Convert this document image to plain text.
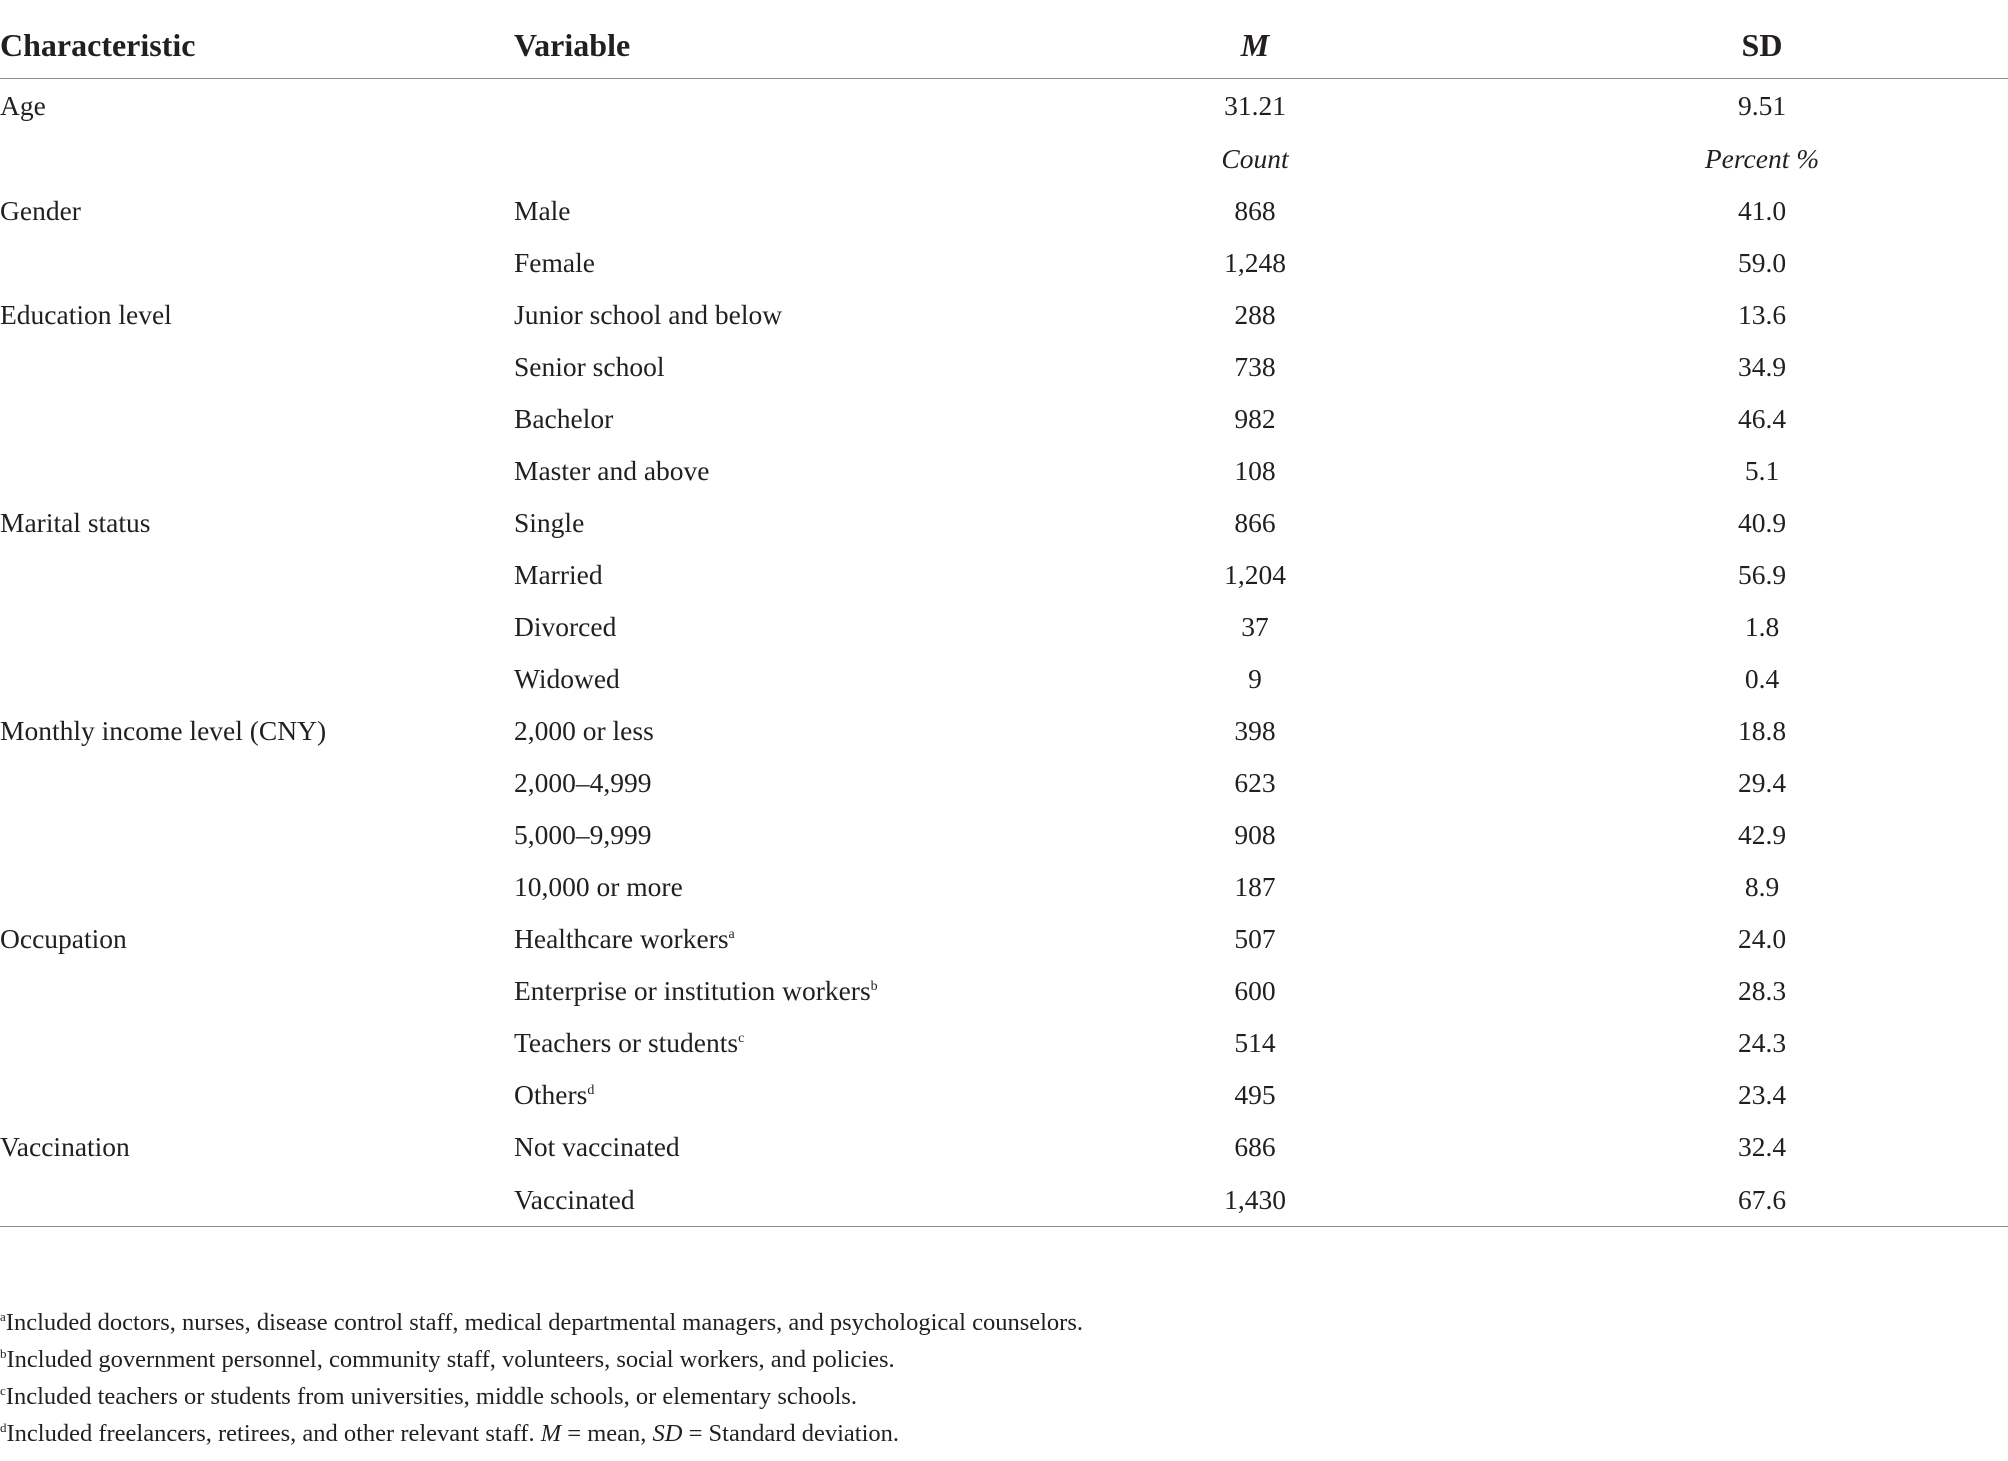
Characteristic	Variable	M	SD
Age		31.21	9.51
		Count	Percent %
Gender	Male	868	41.0
	Female	1,248	59.0
Education level	Junior school and below	288	13.6
	Senior school	738	34.9
	Bachelor	982	46.4
	Master and above	108	5.1
Marital status	Single	866	40.9
	Married	1,204	56.9
	Divorced	37	1.8
	Widowed	9	0.4
Monthly income level (CNY)	2,000 or less	398	18.8
	2,000–4,999	623	29.4
	5,000–9,999	908	42.9
	10,000 or more	187	8.9
Occupation	Healthcare workers$^a$	507	24.0
	Enterprise or institution workers$^b$	600	28.3
	Teachers or students$^c$	514	24.3
	Others$^d$	495	23.4
Vaccination	Not vaccinated	686	32.4
	Vaccinated	1,430	67.6
$^a$Included doctors, nurses, disease control staff, medical departmental managers, and psychological counselors.
$^b$Included government personnel, community staff, volunteers, social workers, and policies.
$^c$Included teachers or students from universities, middle schools, or elementary schools.
$^d$Included freelancers, retirees, and other relevant staff. M = mean, SD = Standard deviation.
